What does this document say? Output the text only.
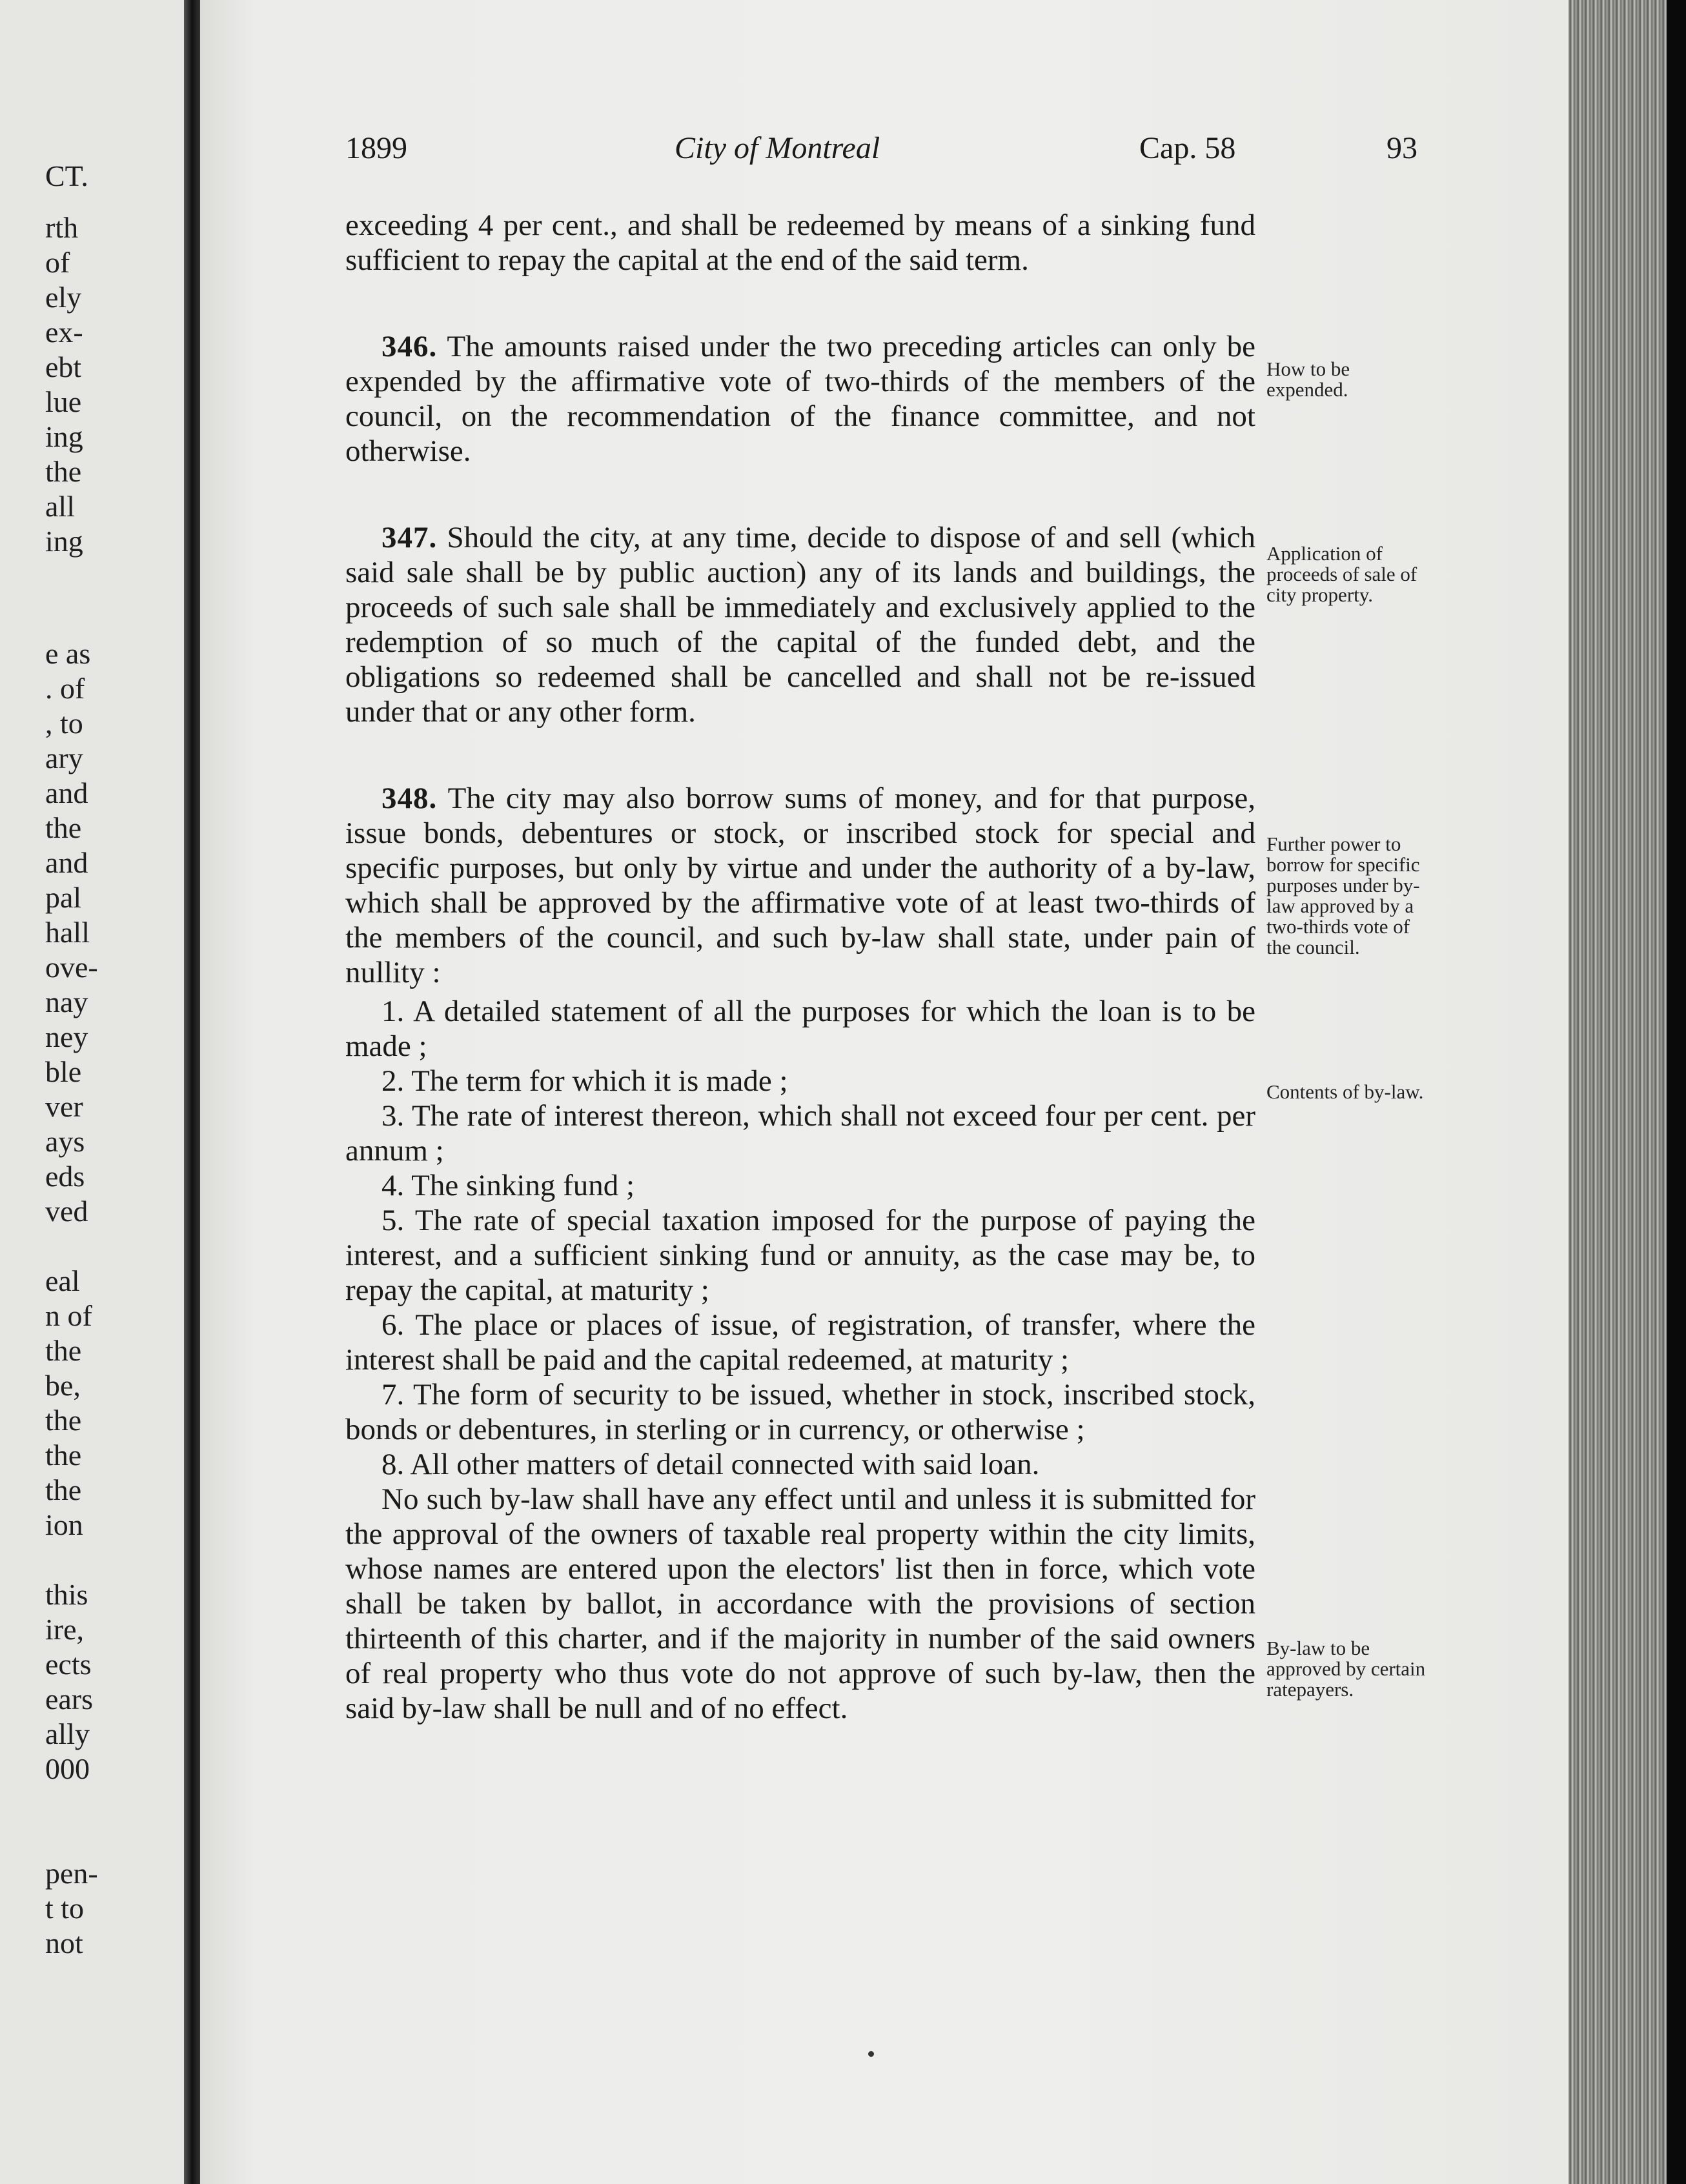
CT.
rth
of
ely
ex-
ebt
lue
ing
the
all
ing
e as
. of
, to
ary
and
the
and
pal
hall
ove-
nay
ney
ble
ver
ays
eds
ved
eal
n of
the
be,
the
the
the
ion
this
ire,
ects
ears
ally
000
pen-
t to
not
1899	City of Montreal	Cap. 58	93

exceeding 4 per cent., and shall be redeemed by means of a sinking fund sufficient to repay the capital at the end of the said term.

346. The amounts raised under the two preceding articles can only be expended by the affirmative vote of two-thirds of the members of the council, on the recommendation of the finance committee, and not otherwise.

347. Should the city, at any time, decide to dispose of and sell (which said sale shall be by public auction) any of its lands and buildings, the proceeds of such sale shall be immediately and exclusively applied to the redemption of so much of the capital of the funded debt, and the obligations so redeemed shall be cancelled and shall not be re-issued under that or any other form.

348. The city may also borrow sums of money, and for that purpose, issue bonds, debentures or stock, or inscribed stock for special and specific purposes, but only by virtue and under the authority of a by-law, which shall be approved by the affirmative vote of at least two-thirds of the members of the council, and such by-law shall state, under pain of nullity :

1. A detailed statement of all the purposes for which the loan is to be made ;

2. The term for which it is made ;

3. The rate of interest thereon, which shall not exceed four per cent. per annum ;

4. The sinking fund ;

5. The rate of special taxation imposed for the purpose of paying the interest, and a sufficient sinking fund or annuity, as the case may be, to repay the capital, at maturity ;

6. The place or places of issue, of registration, of transfer, where the interest shall be paid and the capital redeemed, at maturity ;

7. The form of security to be issued, whether in stock, inscribed stock, bonds or debentures, in sterling or in currency, or otherwise ;

8. All other matters of detail connected with said loan.

No such by-law shall have any effect until and unless it is submitted for the approval of the owners of taxable real property within the city limits, whose names are entered upon the electors' list then in force, which vote shall be taken by ballot, in accordance with the provisions of section thirteenth of this charter, and if the majority in number of the said owners of real property who thus vote do not approve of such by-law, then the said by-law shall be null and of no effect.

How to be expended.
Application of proceeds of sale of city property.
Further power to borrow for specific purposes under by-law approved by a two-thirds vote of the council.
Contents of by-law.
By-law to be approved by certain ratepayers.
